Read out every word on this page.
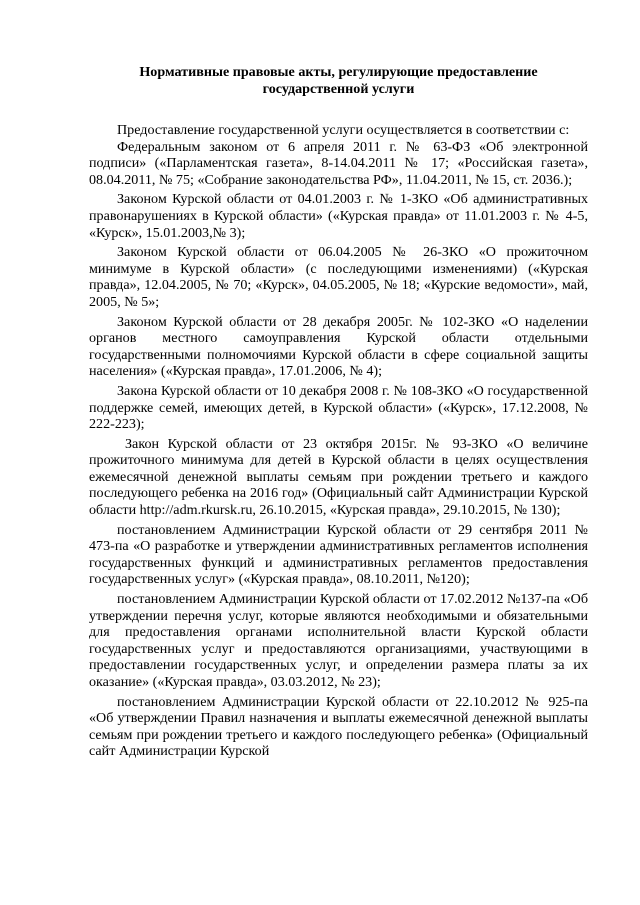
Нормативные правовые акты, регулирующие предоставление
государственной услуги

Предоставление государственной услуги осуществляется в соответствии с:

Федеральным законом от 6 апреля 2011 г. № 63-ФЗ «Об электронной подписи» («Парламентская газета», 8-14.04.2011 № 17; «Российская газета», 08.04.2011, № 75; «Собрание законодательства РФ», 11.04.2011, № 15, ст. 2036.);

Законом Курской области от 04.01.2003 г. № 1-ЗКО «Об административных правонарушениях в Курской области» («Курская правда» от 11.01.2003 г. № 4-5, «Курск», 15.01.2003,№ 3);

Законом Курской области от 06.04.2005 № 26-ЗКО «О прожиточном минимуме в Курской области» (с последующими изменениями) («Курская правда», 12.04.2005, № 70; «Курск», 04.05.2005, № 18; «Курские ведомости», май, 2005, № 5»;

Законом Курской области от 28 декабря 2005г. № 102-ЗКО «О наделении органов местного самоуправления Курской области отдельными государственными полномочиями Курской области в сфере социальной защиты населения» («Курская правда», 17.01.2006, № 4);

Закона Курской области от 10 декабря 2008 г. № 108-ЗКО «О государственной поддержке семей, имеющих детей, в Курской области» («Курск», 17.12.2008, № 222-223);

Закон Курской области от 23 октября 2015г. № 93-ЗКО «О величине прожиточного минимума для детей в Курской области в целях осуществления ежемесячной денежной выплаты семьям при рождении третьего и каждого последующего ребенка на 2016 год» (Официальный сайт Администрации Курской области http://adm.rkursk.ru, 26.10.2015, «Курская правда», 29.10.2015, № 130);

постановлением Администрации Курской области от 29 сентября 2011 № 473-па «О разработке и утверждении административных регламентов исполнения государственных функций и административных регламентов предоставления государственных услуг» («Курская правда», 08.10.2011, №120);

постановлением Администрации Курской области от 17.02.2012 №137-па «Об утверждении перечня услуг, которые являются необходимыми и обязательными для предоставления органами исполнительной власти Курской области государственных услуг и предоставляются организациями, участвующими в предоставлении государственных услуг, и определении размера платы за их оказание» («Курская правда», 03.03.2012, № 23);

постановлением Администрации Курской области от 22.10.2012 № 925-па «Об утверждении Правил назначения и выплаты ежемесячной денежной выплаты семьям при рождении третьего и каждого последующего ребенка» (Официальный сайт Администрации Курской
